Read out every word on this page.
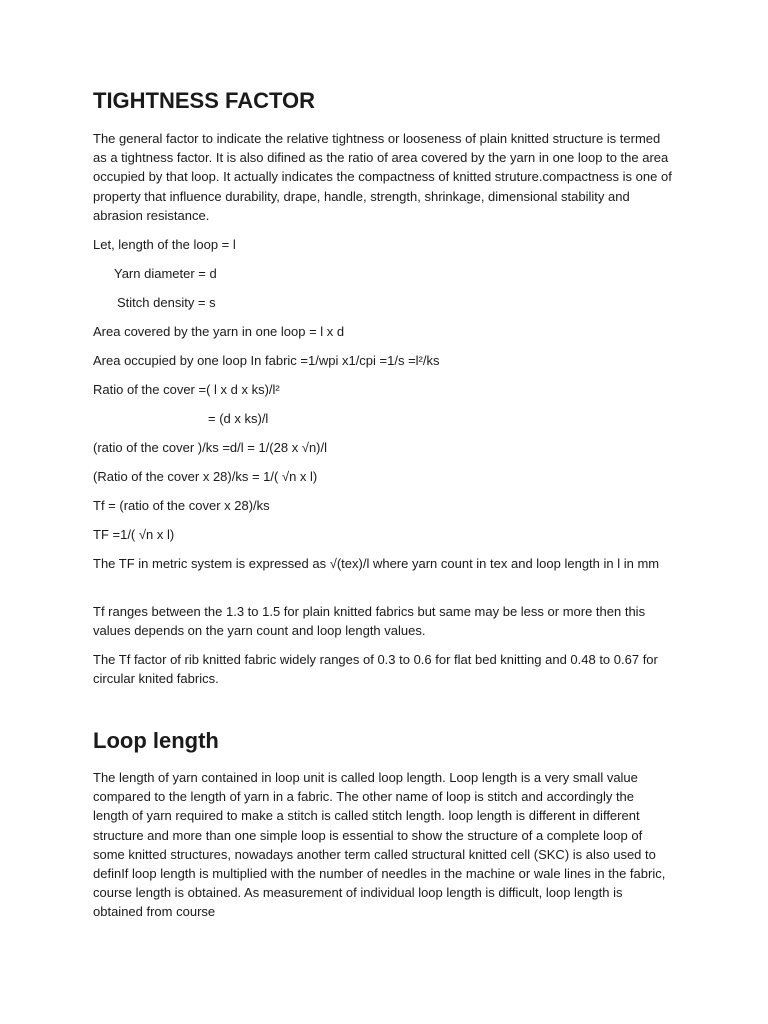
TIGHTNESS FACTOR

The general factor to indicate the relative tightness or looseness of plain knitted structure is termed as a tightness factor. It is also difined as the ratio of area covered by the yarn in one loop to the area occupied by that loop. It actually indicates the compactness of knitted struture.compactness is one of property that influence durability, drape, handle, strength, shrinkage, dimensional stability and abrasion resistance.

Let, length of the loop = l

Yarn diameter = d

Stitch density = s

Area covered by the yarn in one loop = l x d

Area occupied by one loop In fabric =1/wpi x1/cpi =1/s =l²/ks

Ratio of the cover =( l x d x ks)/l²

= (d x ks)/l

(ratio of the cover )/ks =d/l = 1/(28 x √n)/l

(Ratio of the cover x 28)/ks = 1/( √n x l)

Tf = (ratio of the cover x 28)/ks

TF =1/( √n x l)

The TF in metric system is expressed as √(tex)/l where yarn count in tex and loop length in l in mm

Tf ranges between the 1.3 to 1.5 for plain knitted fabrics but same may be less or more then this values depends on the yarn count and loop length values.

The Tf factor of rib knitted fabric widely ranges of 0.3 to 0.6 for flat bed knitting and 0.48 to 0.67 for circular knited fabrics.

Loop length

The length of yarn contained in loop unit is called loop length. Loop length is a very small value compared to the length of yarn in a fabric. The other name of loop is stitch and accordingly the length of yarn required to make a stitch is called stitch length. loop length is different in different structure and more than one simple loop is essential to show the structure of a complete loop of some knitted structures, nowadays another term called structural knitted cell (SKC) is also used to definIf loop length is multiplied with the number of needles in the machine or wale lines in the fabric, course length is obtained. As measurement of individual loop length is difficult, loop length is obtained from course
